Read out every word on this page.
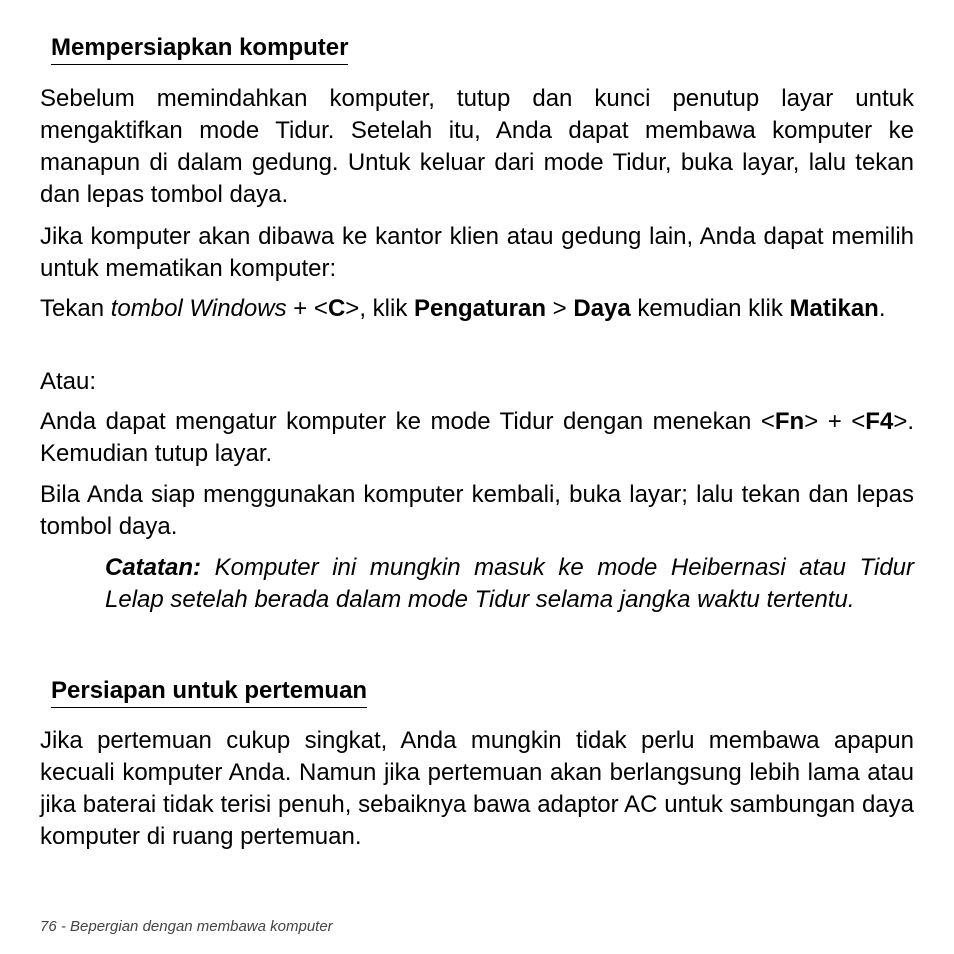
Mempersiapkan komputer

Sebelum memindahkan komputer, tutup dan kunci penutup layar untuk mengaktifkan mode Tidur. Setelah itu, Anda dapat membawa komputer ke manapun di dalam gedung. Untuk keluar dari mode Tidur, buka layar, lalu tekan dan lepas tombol daya.

Jika komputer akan dibawa ke kantor klien atau gedung lain, Anda dapat memilih untuk mematikan komputer:

Tekan tombol Windows + <C>, klik Pengaturan > Daya kemudian klik Matikan.

Atau:

Anda dapat mengatur komputer ke mode Tidur dengan menekan <Fn> + <F4>. Kemudian tutup layar.

Bila Anda siap menggunakan komputer kembali, buka layar; lalu tekan dan lepas tombol daya.

Catatan: Komputer ini mungkin masuk ke mode Heibernasi atau Tidur Lelap setelah berada dalam mode Tidur selama jangka waktu tertentu.

Persiapan untuk pertemuan

Jika pertemuan cukup singkat, Anda mungkin tidak perlu membawa apapun kecuali komputer Anda. Namun jika pertemuan akan berlangsung lebih lama atau jika baterai tidak terisi penuh, sebaiknya bawa adaptor AC untuk sambungan daya komputer di ruang pertemuan.

76 - Bepergian dengan membawa komputer
